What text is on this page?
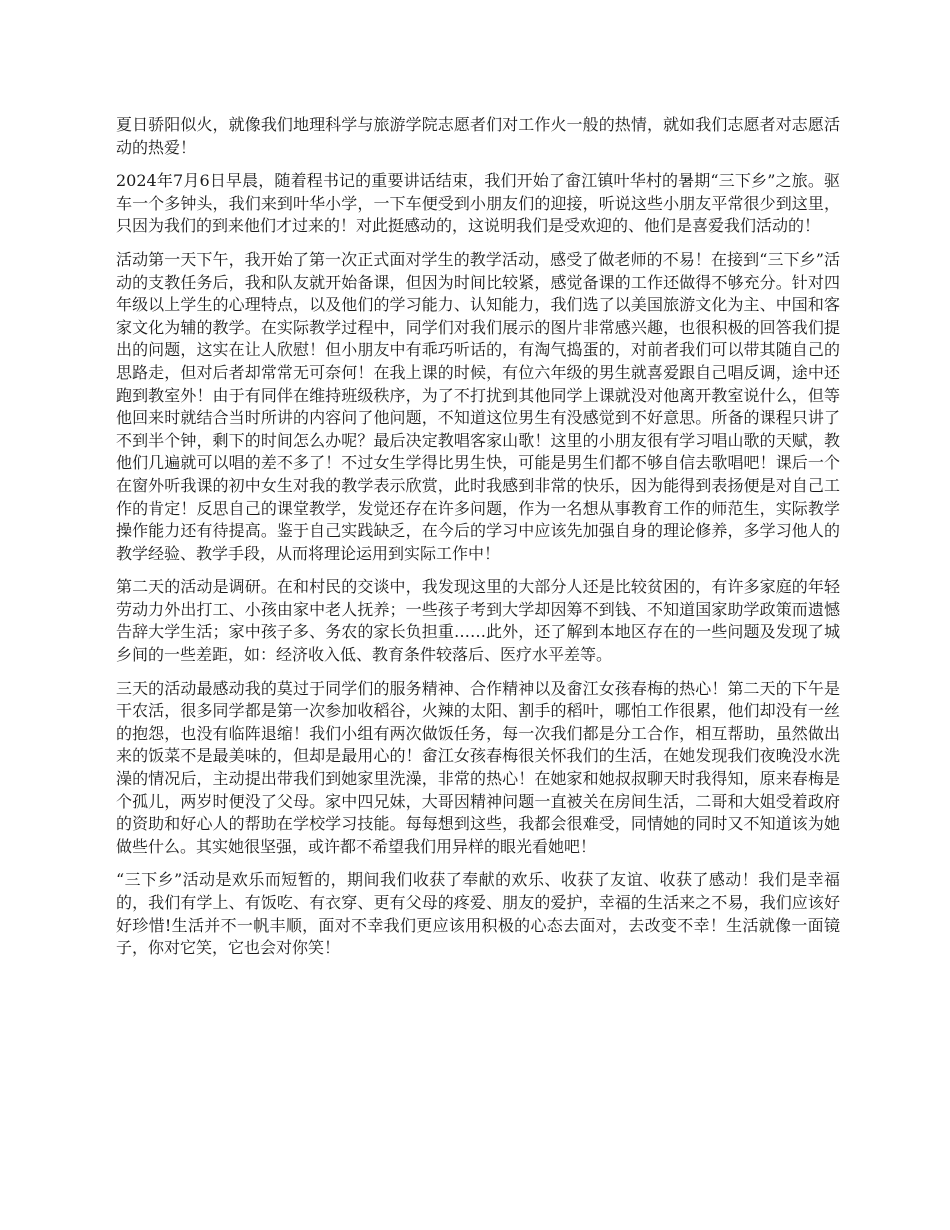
夏日骄阳似火，就像我们地理科学与旅游学院志愿者们对工作火一般的热情，就如我们志愿者对志愿活动的热爱！

2024年7月6日早晨，随着程书记的重要讲话结束，我们开始了畲江镇叶华村的暑期“三下乡”之旅。驱车一个多钟头，我们来到叶华小学，一下车便受到小朋友们的迎接，听说这些小朋友平常很少到这里，只因为我们的到来他们才过来的！对此挺感动的，这说明我们是受欢迎的、他们是喜爱我们活动的！

活动第一天下午，我开始了第一次正式面对学生的教学活动，感受了做老师的不易！在接到“三下乡”活动的支教任务后，我和队友就开始备课，但因为时间比较紧，感觉备课的工作还做得不够充分。针对四年级以上学生的心理特点，以及他们的学习能力、认知能力，我们选了以美国旅游文化为主、中国和客家文化为辅的教学。在实际教学过程中，同学们对我们展示的图片非常感兴趣，也很积极的回答我们提出的问题，这实在让人欣慰！但小朋友中有乖巧听话的，有淘气捣蛋的，对前者我们可以带其随自己的思路走，但对后者却常常无可奈何！在我上课的时候，有位六年级的男生就喜爱跟自己唱反调，途中还跑到教室外！由于有同伴在维持班级秩序，为了不打扰到其他同学上课就没对他离开教室说什么，但等他回来时就结合当时所讲的内容问了他问题，不知道这位男生有没感觉到不好意思。所备的课程只讲了不到半个钟，剩下的时间怎么办呢？最后决定教唱客家山歌！这里的小朋友很有学习唱山歌的天赋，教他们几遍就可以唱的差不多了！不过女生学得比男生快，可能是男生们都不够自信去歌唱吧！课后一个在窗外听我课的初中女生对我的教学表示欣赏，此时我感到非常的快乐，因为能得到表扬便是对自己工作的肯定！反思自己的课堂教学，发觉还存在许多问题，作为一名想从事教育工作的师范生，实际教学操作能力还有待提高。鉴于自己实践缺乏，在今后的学习中应该先加强自身的理论修养，多学习他人的教学经验、教学手段，从而将理论运用到实际工作中！

第二天的活动是调研。在和村民的交谈中，我发现这里的大部分人还是比较贫困的，有许多家庭的年轻劳动力外出打工、小孩由家中老人抚养；一些孩子考到大学却因筹不到钱、不知道国家助学政策而遗憾告辞大学生活；家中孩子多、务农的家长负担重……此外，还了解到本地区存在的一些问题及发现了城乡间的一些差距，如：经济收入低、教育条件较落后、医疗水平差等。

三天的活动最感动我的莫过于同学们的服务精神、合作精神以及畲江女孩春梅的热心！第二天的下午是干农活，很多同学都是第一次参加收稻谷，火辣的太阳、割手的稻叶，哪怕工作很累，他们却没有一丝的抱怨，也没有临阵退缩！我们小组有两次做饭任务，每一次我们都是分工合作，相互帮助，虽然做出来的饭菜不是最美味的，但却是最用心的！畲江女孩春梅很关怀我们的生活，在她发现我们夜晚没水洗澡的情况后，主动提出带我们到她家里洗澡，非常的热心！在她家和她叔叔聊天时我得知，原来春梅是个孤儿，两岁时便没了父母。家中四兄妹，大哥因精神问题一直被关在房间生活，二哥和大姐受着政府的资助和好心人的帮助在学校学习技能。每每想到这些，我都会很难受，同情她的同时又不知道该为她做些什么。其实她很坚强，或许都不希望我们用异样的眼光看她吧！

“三下乡”活动是欢乐而短暂的，期间我们收获了奉献的欢乐、收获了友谊、收获了感动！我们是幸福的，我们有学上、有饭吃、有衣穿、更有父母的疼爱、朋友的爱护，幸福的生活来之不易，我们应该好好珍惜!生活并不一帆丰顺，面对不幸我们更应该用积极的心态去面对，去改变不幸！生活就像一面镜子，你对它笑，它也会对你笑！
